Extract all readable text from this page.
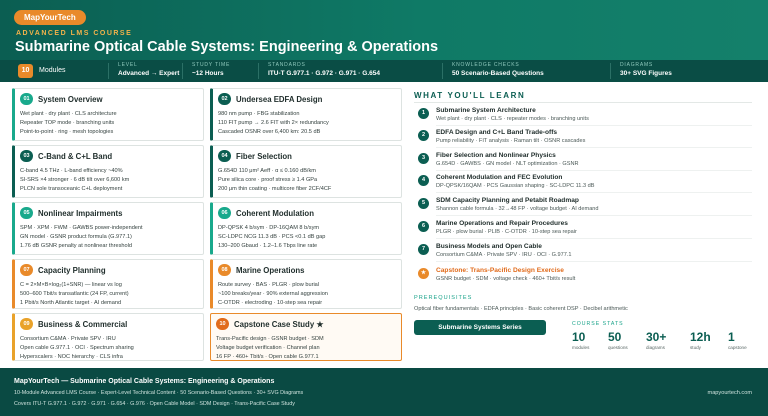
MapYourTech
ADVANCED LMS COURSE
Submarine Optical Cable Systems: Engineering & Operations
10	Modules
LEVEL
Advanced → Expert
STUDY TIME
~12 Hours
STANDARDS
ITU-T G.977.1 · G.972 · G.971 · G.654
KNOWLEDGE CHECKS
50 Scenario-Based Questions
DIAGRAMS
30+ SVG Figures
01	System Overview
Wet plant · dry plant · CLS architecture
Repeater TOP mode · branching units
Point-to-point · ring · mesh topologies
02	Undersea EDFA Design
980 nm pump · FBG stabilization
110 FIT pump → 2.6 FIT with 2× redundancy
Cascaded OSNR over 6,400 km: 20.5 dB
03	C-Band & C+L Band
C-band 4.5 THz · L-band efficiency ~40%
SI-SRS ×4 stronger · 6 dB tilt over 6,600 km
PLCN sole transoceanic C+L deployment
04	Fiber Selection
G.654D 110 μm² Aeff · α ≤ 0.160 dB/km
Pure silica core · proof stress ≥ 1.4 GPa
200 μm thin coating · multicore fiber 2CF/4CF
05	Nonlinear Impairments
SPM · XPM · FWM · GAWBS power-independent
GN model · GSNR product formula (G.977.1)
1.76 dB GSNR penalty at nonlinear threshold
06	Coherent Modulation
DP-QPSK 4 b/sym · DP-16QAM 8 b/sym
SC-LDPC NCG 11.3 dB · PCS <0.1 dB gap
130–200 Gbaud · 1.2–1.6 Tbps line rate
07	Capacity Planning
C = 2×M×B×log₂(1+SNR) — linear vs log
500–600 Tbit/s transatlantic (24 FP, current)
1 Pbit/s North Atlantic target · AI demand
08	Marine Operations
Route survey · BAS · PLGR · plow burial
~100 breaks/year · 90% external aggression
C-OTDR · electroding · 10-step sea repair
09	Business & Commercial
Consortium C&MA · Private SPV · IRU
Open cable G.977.1 · OCI · Spectrum sharing
Hyperscalers · NOC hierarchy · CLS infra
10	Capstone Case Study ★
Trans-Pacific design · GSNR budget · SDM
Voltage budget verification · Channel plan
16 FP · 460+ Tbit/s · Open cable G.977.1
WHAT YOU'LL LEARN
1	Submarine System Architecture
Wet plant · dry plant · CLS · repeater modes · branching units
2	EDFA Design and C+L Band Trade-offs
Pump reliability · FIT analysis · Raman tilt · OSNR cascades
3	Fiber Selection and Nonlinear Physics
G.654D · GAWBS · GN model · NLT optimization · GSNR
4	Coherent Modulation and FEC Evolution
DP-QPSK/16QAM · PCS Gaussian shaping · SC-LDPC 11.3 dB
5	SDM Capacity Planning and Petabit Roadmap
Shannon cable formula · 32→48 FP · voltage budget · AI demand
6	Marine Operations and Repair Procedures
PLGR · plow burial · PLIB · C-OTDR · 10-step sea repair
7	Business Models and Open Cable
Consortium C&MA · Private SPV · IRU · OCI · G.977.1
★	Capstone: Trans-Pacific Design Exercise
GSNR budget · SDM · voltage check · 460+ Tbit/s result
PREREQUISITES
Optical fiber fundamentals · EDFA principles · Basic coherent DSP · Decibel arithmetic
Submarine Systems Series	COURSE STATS
10
modules
50
questions
30+
diagrams
12h
study
1
capstone
MapYourTech — Submarine Optical Cable Systems: Engineering & Operations
10-Module Advanced LMS Course · Expert-Level Technical Content · 50 Scenario-Based Questions · 30+ SVG Diagrams
Covers ITU-T G.977.1 · G.972 · G.971 · G.654 · G.976 · Open Cable Model · SDM Design · Trans-Pacific Case Study
mapyourtech.com
